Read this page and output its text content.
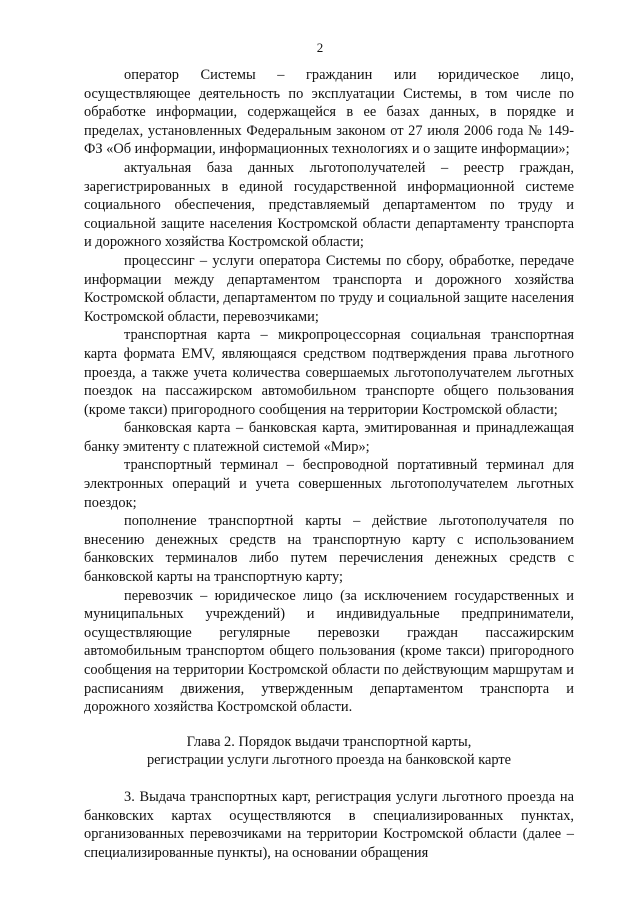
2

оператор Системы – гражданин или юридическое лицо, осуществляющее деятельность по эксплуатации Системы, в том числе по обработке информации, содержащейся в ее базах данных, в порядке и пределах, установленных Федеральным законом от 27 июля 2006 года № 149-ФЗ «Об информации, информационных технологиях и о защите информации»;

актуальная база данных льготополучателей – реестр граждан, зарегистрированных в единой государственной информационной системе социального обеспечения, представляемый департаментом по труду и социальной защите населения Костромской области департаменту транспорта и дорожного хозяйства Костромской области;

процессинг – услуги оператора Системы по сбору, обработке, передаче информации между департаментом транспорта и дорожного хозяйства Костромской области, департаментом по труду и социальной защите населения Костромской области, перевозчиками;

транспортная карта – микропроцессорная социальная транспортная карта формата EMV, являющаяся средством подтверждения права льготного проезда, а также учета количества совершаемых льготополучателем льготных поездок на пассажирском автомобильном транспорте общего пользования (кроме такси) пригородного сообщения на территории Костромской области;

банковская карта – банковская карта, эмитированная и принадлежащая банку эмитенту с платежной системой «Мир»;

транспортный терминал – беспроводной портативный терминал для электронных операций и учета совершенных льготополучателем льготных поездок;

пополнение транспортной карты – действие льготополучателя по внесению денежных средств на транспортную карту с использованием банковских терминалов либо путем перечисления денежных средств с банковской карты на транспортную карту;

перевозчик – юридическое лицо (за исключением государственных и муниципальных учреждений) и индивидуальные предприниматели, осуществляющие регулярные перевозки граждан пассажирским автомобильным транспортом общего пользования (кроме такси) пригородного сообщения на территории Костромской области по действующим маршрутам и расписаниям движения, утвержденным департаментом транспорта и дорожного хозяйства Костромской области.

Глава 2. Порядок выдачи транспортной карты,
регистрации услуги льготного проезда на банковской карте

3. Выдача транспортных карт, регистрация услуги льготного проезда на банковских картах осуществляются в специализированных пунктах, организованных перевозчиками на территории Костромской области (далее – специализированные пункты), на основании обращения
